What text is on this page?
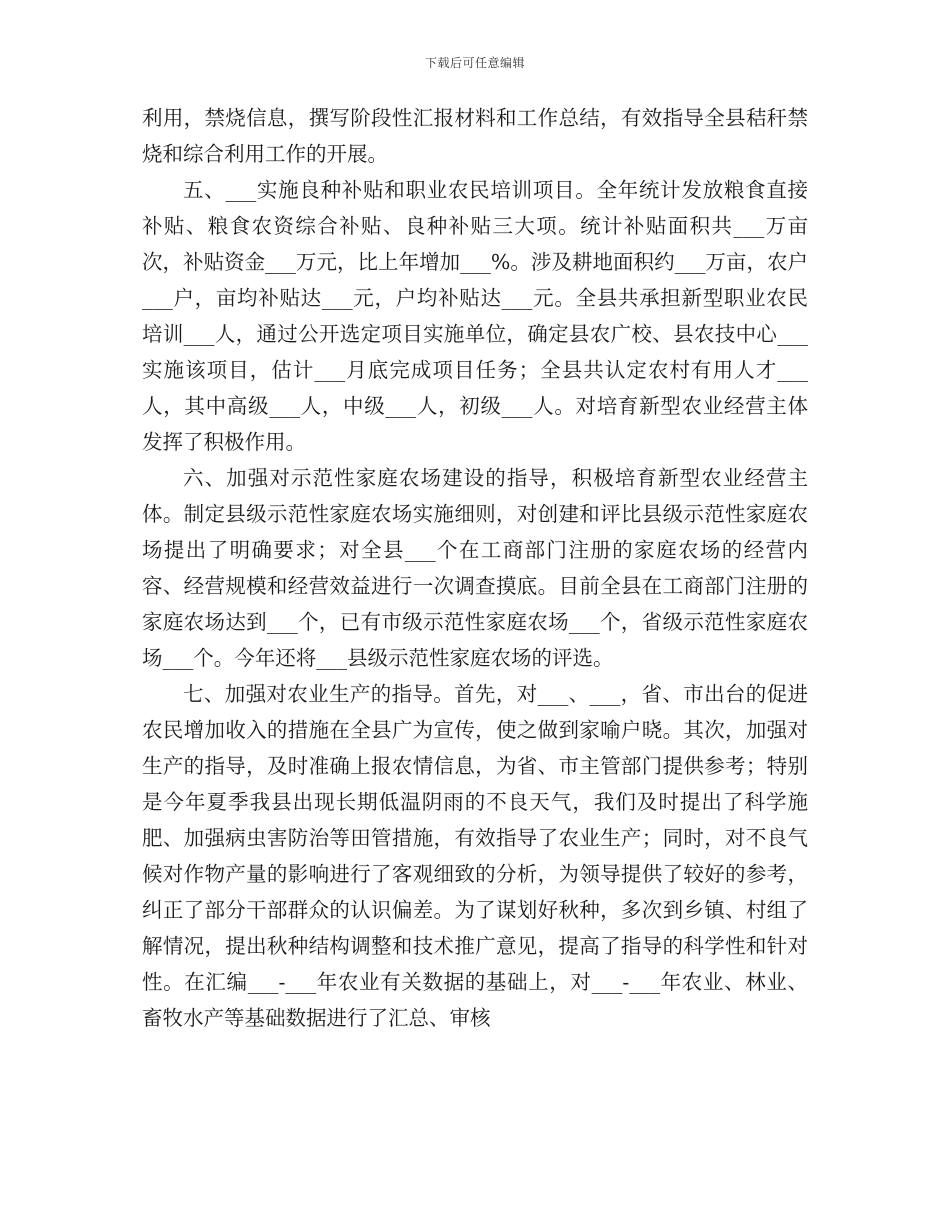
下载后可任意编辑

利用，禁烧信息，撰写阶段性汇报材料和工作总结，有效指导全县秸秆禁烧和综合利用工作的开展。

五、___实施良种补贴和职业农民培训项目。全年统计发放粮食直接补贴、粮食农资综合补贴、良种补贴三大项。统计补贴面积共___万亩次，补贴资金___万元，比上年增加___%。涉及耕地面积约___万亩，农户___户，亩均补贴达___元，户均补贴达___元。全县共承担新型职业农民培训___人，通过公开选定项目实施单位，确定县农广校、县农技中心___实施该项目，估计___月底完成项目任务；全县共认定农村有用人才___人，其中高级___人，中级___人，初级___人。对培育新型农业经营主体发挥了积极作用。

六、加强对示范性家庭农场建设的指导，积极培育新型农业经营主体。制定县级示范性家庭农场实施细则，对创建和评比县级示范性家庭农场提出了明确要求；对全县___个在工商部门注册的家庭农场的经营内容、经营规模和经营效益进行一次调查摸底。目前全县在工商部门注册的家庭农场达到___个，已有市级示范性家庭农场___个，省级示范性家庭农场___个。今年还将___县级示范性家庭农场的评选。

七、加强对农业生产的指导。首先，对___、___，省、市出台的促进农民增加收入的措施在全县广为宣传，使之做到家喻户晓。其次，加强对生产的指导，及时准确上报农情信息，为省、市主管部门提供参考；特别是今年夏季我县出现长期低温阴雨的不良天气，我们及时提出了科学施肥、加强病虫害防治等田管措施，有效指导了农业生产；同时，对不良气候对作物产量的影响进行了客观细致的分析，为领导提供了较好的参考，纠正了部分干部群众的认识偏差。为了谋划好秋种，多次到乡镇、村组了解情况，提出秋种结构调整和技术推广意见，提高了指导的科学性和针对性。在汇编___-___年农业有关数据的基础上，对___-___年农业、林业、畜牧水产等基础数据进行了汇总、审核
